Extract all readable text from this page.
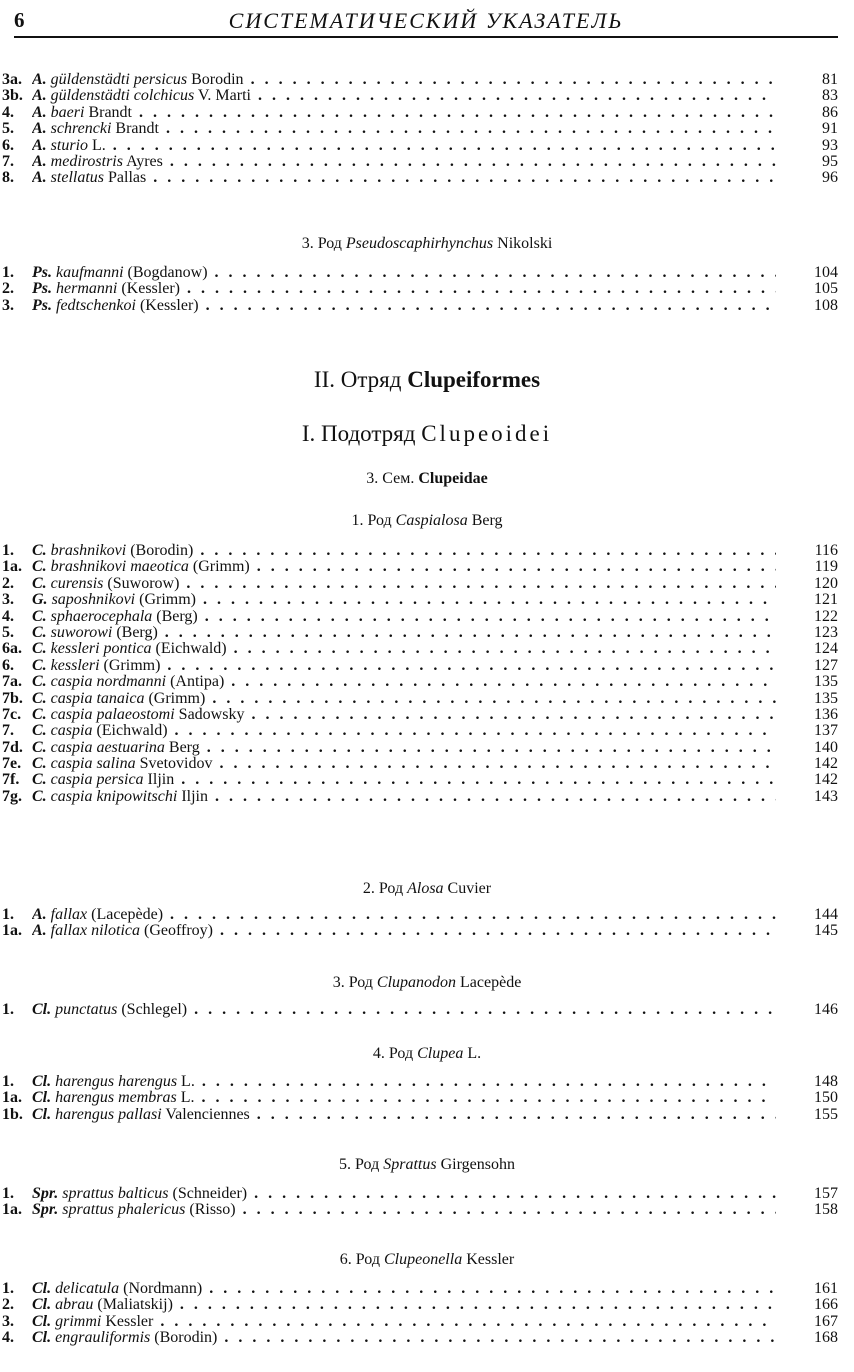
6	СИСТЕМАТИЧЕСКИЙ УКАЗАТЕЛЬ
3a. A. güldenstädti persicus Borodin . . .	81
3b. A. güldenstädti colchicus V. Marti . . .	83
4.	A. baeri Brandt . . .	86
5.	A. schrencki Brandt . . .	91
6.	A. sturio L. . . .	93
7.	A. medirostris Ayres . . .	95
8.	A. stellatus Pallas . . .	96
3. Род Pseudoscaphirhynchus Nikolski
1.	Ps. kaufmanni (Bogdanow) . . .	104
2.	Ps. hermanni (Kessler) . . .	105
3.	Ps. fedtschenkoi (Kessler) . . .	108
II. Отряд Clupeiformes
I. Подотряд Clupeoidei
3. Сем. Clupeidae
1. Род Caspialosa Berg
1.	C. brashnikovi (Borodin) . . .	116
1a. C. brashnikovi maeotica (Grimm) . . .	119
2.	C. curensis (Suworow) . . .	120
3.	G. saposhnikovi (Grimm) . . .	121
4.	C. sphaerocephala (Berg) . . .	122
5.	C. suworowi (Berg) . . .	123
6a. C. kessleri pontica (Eichwald) . . .	124
6.	C. kessleri (Grimm) . . .	127
7a. C. caspia nordmanni (Antipa) . . .	135
7b. C. caspia tanaica (Grimm) . . .	135
7c. C. caspia palaeostomi Sadowsky . . .	136
7.	C. caspia (Eichwald) . . .	137
7d. C. caspia aestuarina Berg . . .	140
7e. C. caspia salina Svetovidov . . .	142
7f. C. caspia persica Iljin . . .	142
7g. C. caspia knipowitschi Iljin . . .	143
2. Род Alosa Cuvier
1.	A. fallax (Lacepède) . . .	144
1a. A. fallax nilotica (Geoffroy) . . .	145
3. Род Clupanodon Lacepède
1.	Cl. punctatus (Schlegel) . . .	146
4. Род Clupea L.
1.	Cl. harengus harengus L. . . .	148
1a. Cl. harengus membras L. . . .	150
1b. Cl. harengus pallasi Valenciennes . . .	155
5. Род Sprattus Girgensohn
1.	Spr. sprattus balticus (Schneider) . . .	157
1a. Spr. sprattus phalericus (Risso) . . .	158
6. Род Clupeonella Kessler
1.	Cl. delicatula (Nordmann) . . .	161
2.	Cl. abrau (Maliatskij) . . .	166
3.	Cl. grimmi Kessler . . .	167
4.	Cl. engrauliformis (Borodin) . . .	168
